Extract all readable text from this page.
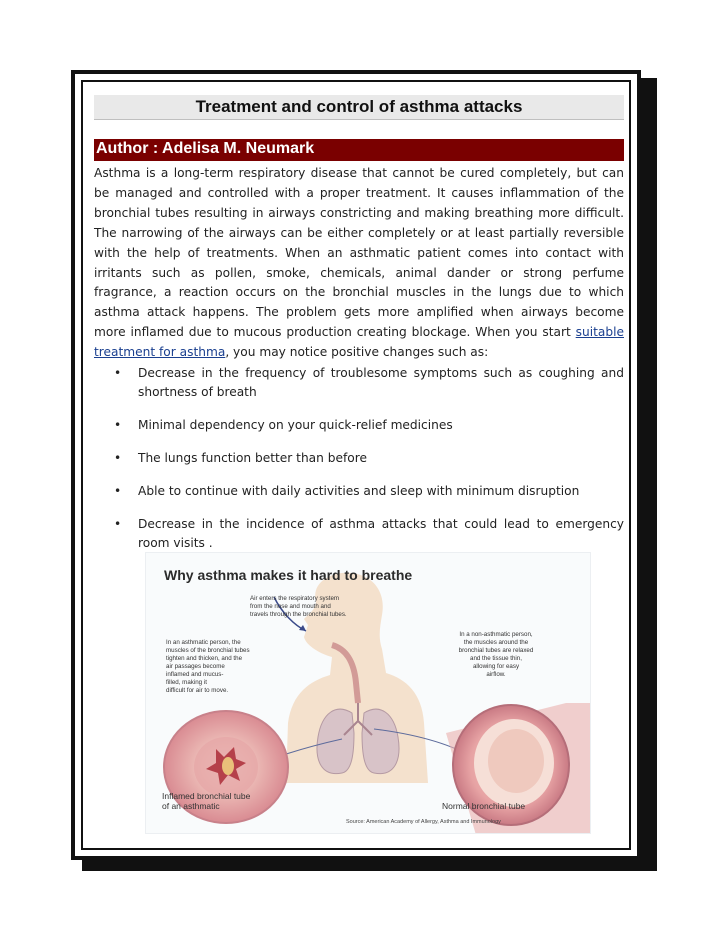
Treatment and control of asthma attacks
Author : Adelisa M. Neumark

Asthma is a long-term respiratory disease that cannot be cured completely, but can be managed and controlled with a proper treatment. It causes inflammation of the bronchial tubes resulting in airways constricting and making breathing more difficult. The narrowing of the airways can be either completely or at least partially reversible with the help of treatments. When an asthmatic patient comes into contact with irritants such as pollen, smoke, chemicals, animal dander or strong perfume fragrance, a reaction occurs on the bronchial muscles in the lungs due to which asthma attack happens. The problem gets more amplified when airways become more inflamed due to mucous production creating blockage. When you start suitable treatment for asthma, you may notice positive changes such as:

• Decrease in the frequency of troublesome symptoms such as coughing and shortness of breath
• Minimal dependency on your quick-relief medicines
• The lungs function better than before
• Able to continue with daily activities and sleep with minimum disruption
• Decrease in the incidence of asthma attacks that could lead to emergency room visits .
Why asthma makes it hard to breathe
Air enters the respiratory system
from the nose and mouth and
travels through the bronchial tubes.
In an asthmatic person, the
muscles of the bronchial tubes
tighten and thicken, and the
air passages become
inflamed and mucus-
filled, making it
difficult for air to move.
In a non-asthmatic person,
the muscles around the
bronchial tubes are relaxed
and the tissue thin,
allowing for easy
airflow.
Inflamed bronchial tube
of an asthmatic	Normal bronchial tube
Source: American Academy of Allergy, Asthma and Immunology
